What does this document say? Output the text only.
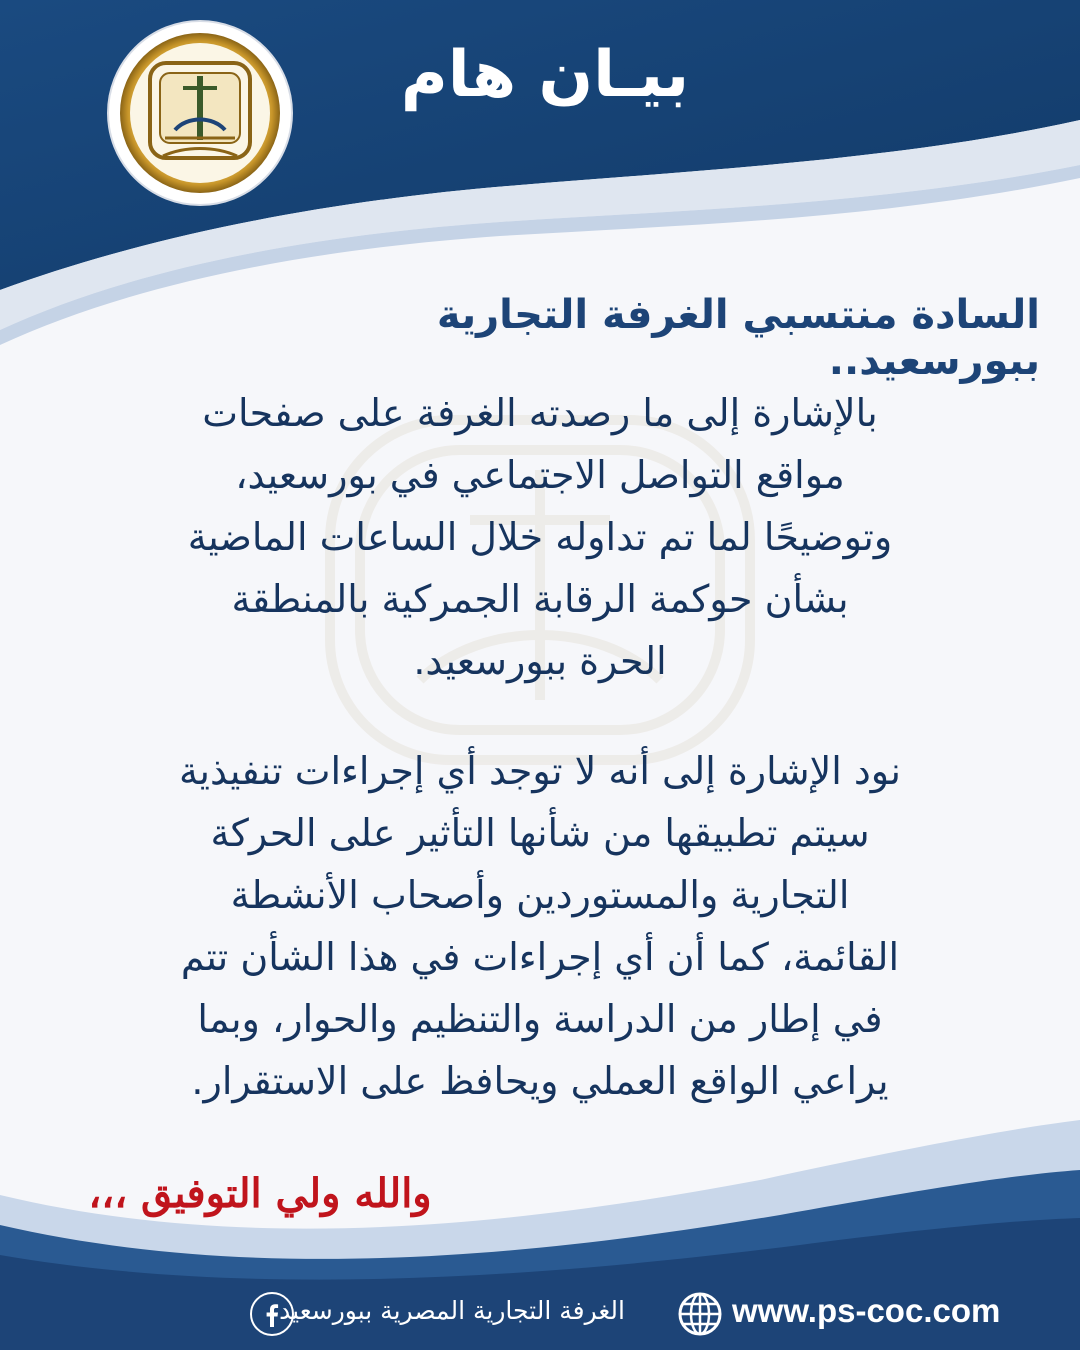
بيـان هام
السادة منتسبي الغرفة التجارية ببورسعيد..
بالإشارة إلى ما رصدته الغرفة على صفحات
مواقع التواصل الاجتماعي في بورسعيد،
وتوضيحًا لما تم تداوله خلال الساعات الماضية
بشأن حوكمة الرقابة الجمركية بالمنطقة
الحرة ببورسعيد.
نود الإشارة إلى أنه لا توجد أي إجراءات تنفيذية
سيتم تطبيقها من شأنها التأثير على الحركة
التجارية والمستوردين وأصحاب الأنشطة
القائمة، كما أن أي إجراءات في هذا الشأن تتم
في إطار من الدراسة والتنظيم والحوار، وبما
يراعي الواقع العملي ويحافظ على الاستقرار.
والله ولي التوفيق ،،،
الغرفة التجارية المصرية ببورسعيد	www.ps-coc.com
